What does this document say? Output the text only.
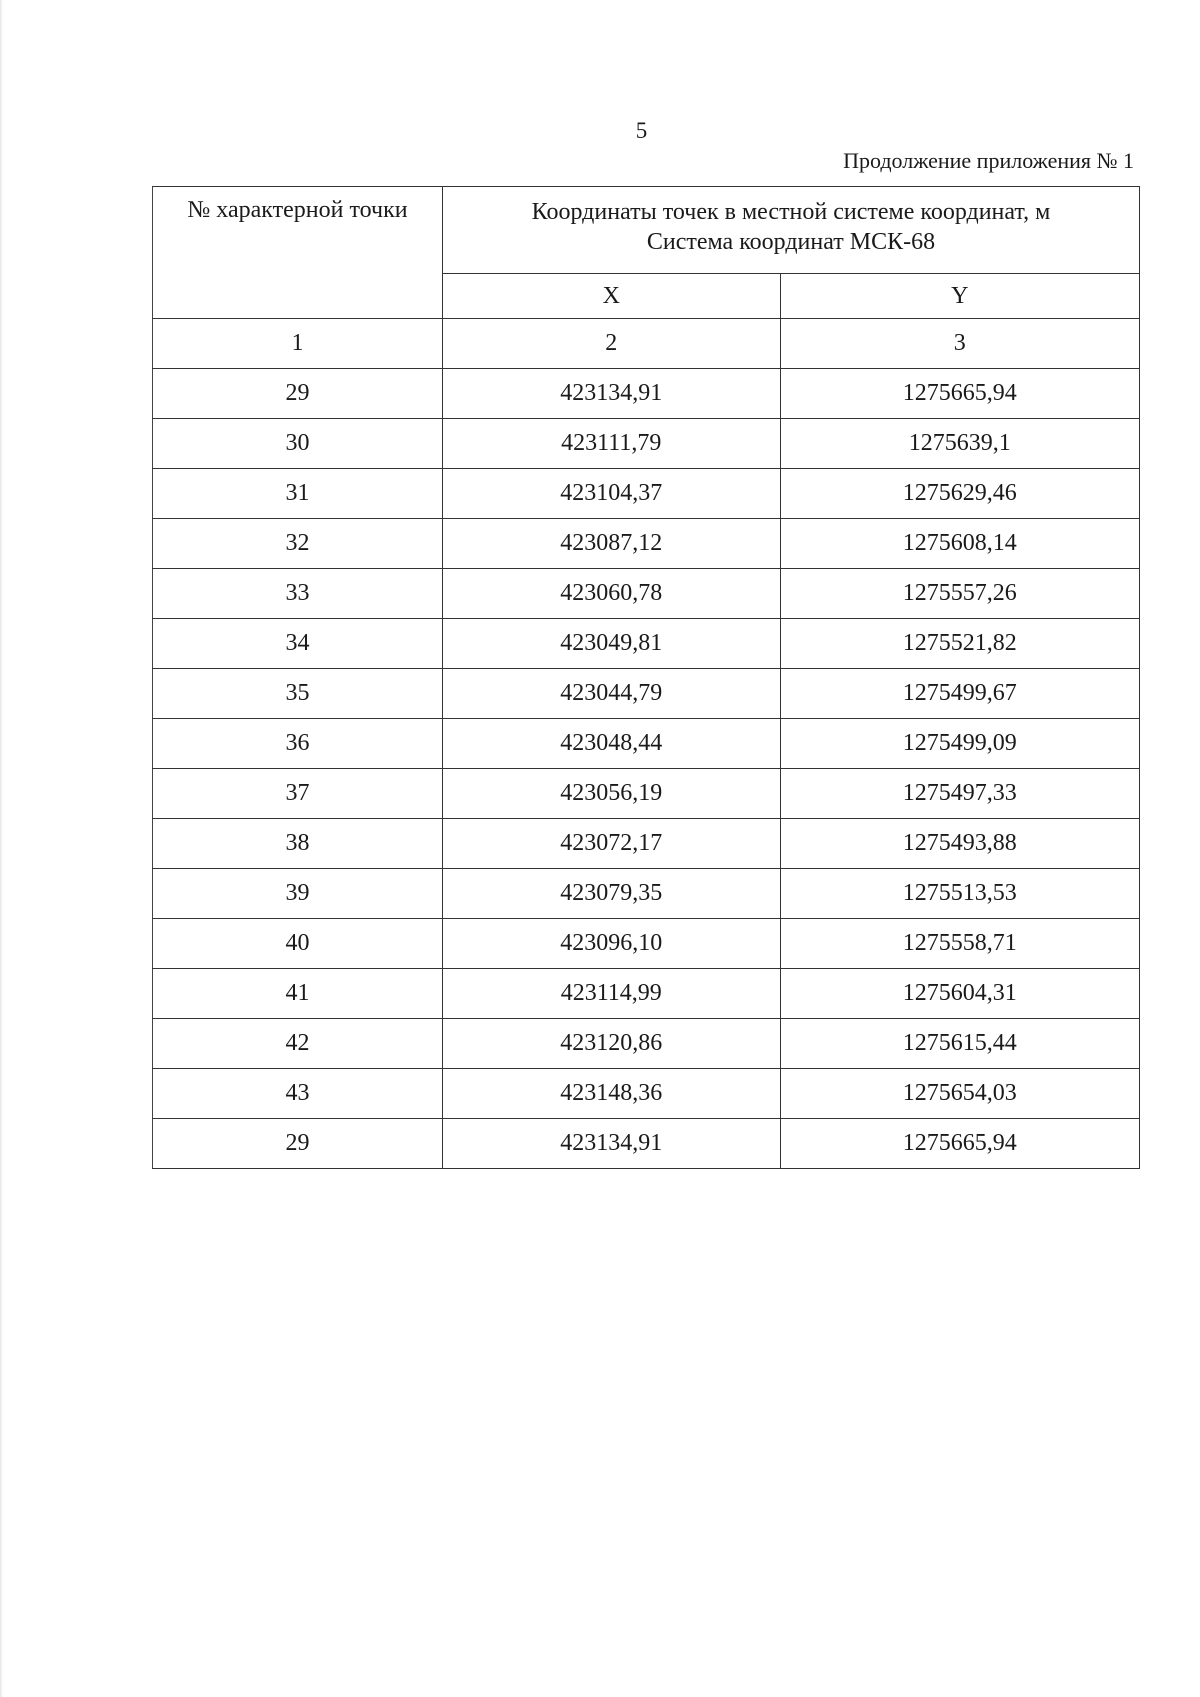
5
Продолжение приложения № 1
№ характерной точки	Координаты точек в местной системе координат, м
Система координат МСК-68	

	X	Y
1	2	3
29	423134,91	1275665,94
30	423111,79	1275639,1
31	423104,37	1275629,46
32	423087,12	1275608,14
33	423060,78	1275557,26
34	423049,81	1275521,82
35	423044,79	1275499,67
36	423048,44	1275499,09
37	423056,19	1275497,33
38	423072,17	1275493,88
39	423079,35	1275513,53
40	423096,10	1275558,71
41	423114,99	1275604,31
42	423120,86	1275615,44
43	423148,36	1275654,03
29	423134,91	1275665,94
